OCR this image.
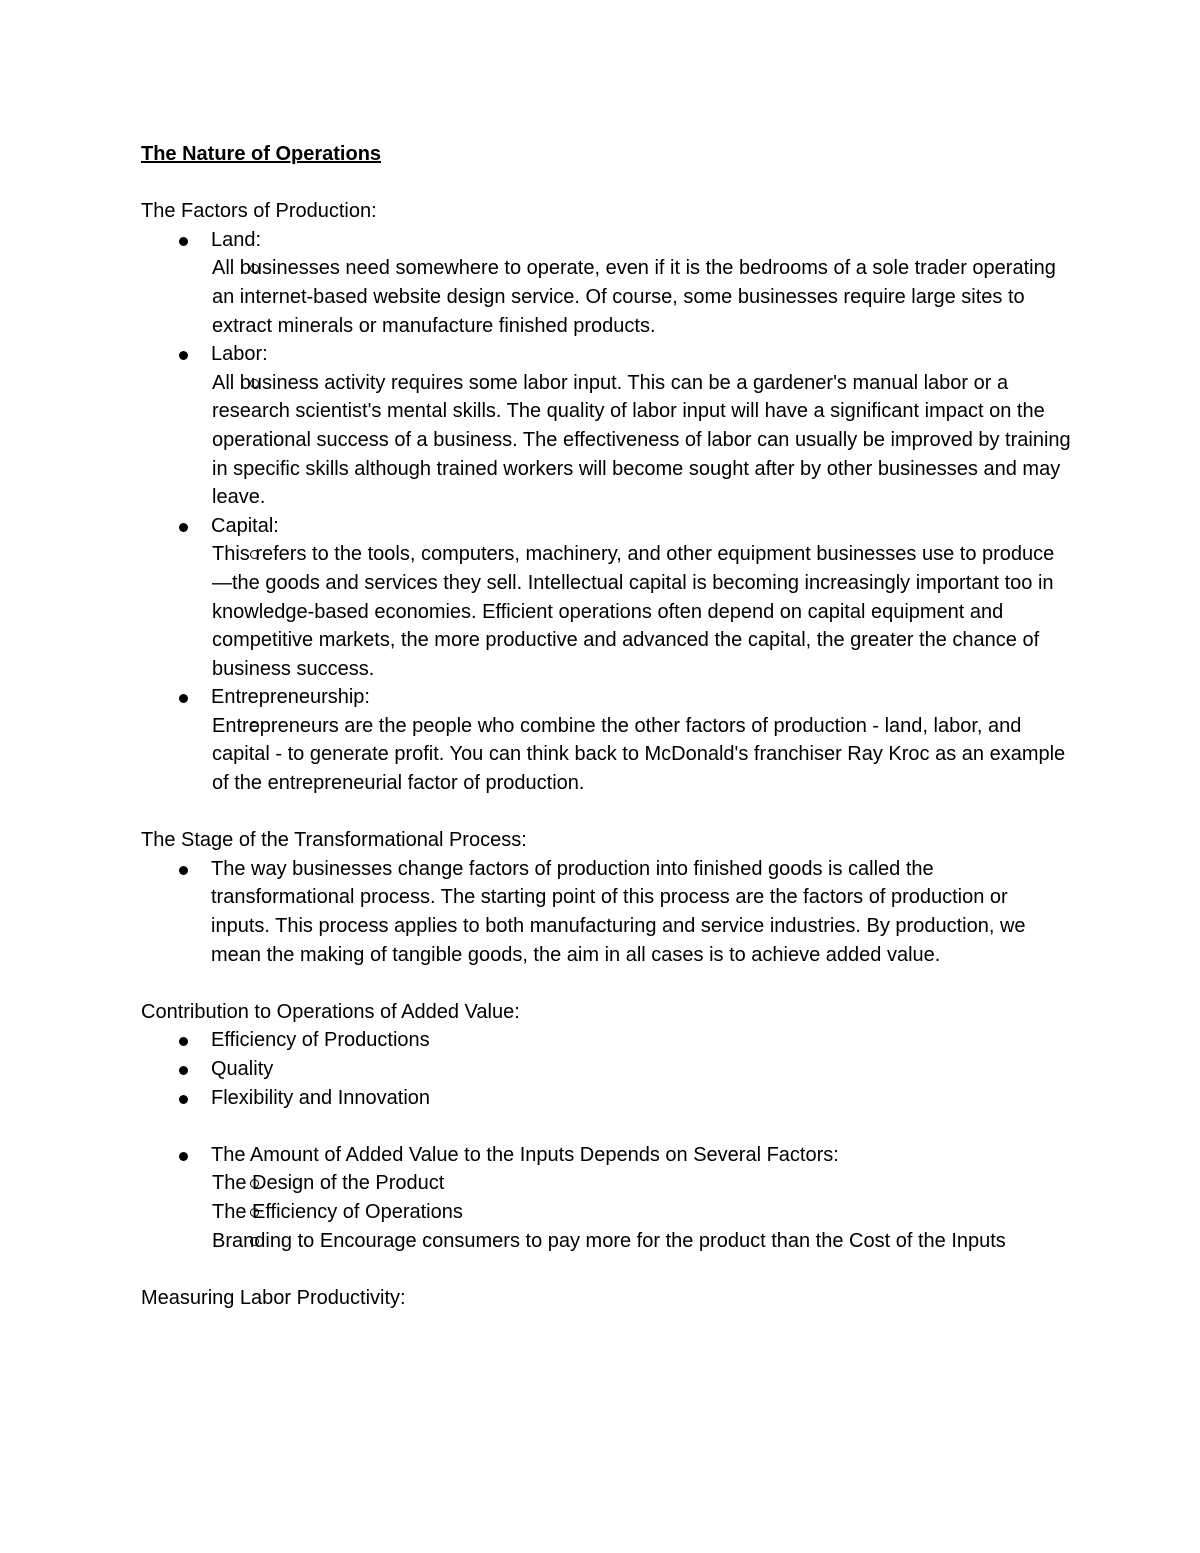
The Nature of Operations

The Factors of Production:

Land:
All businesses need somewhere to operate, even if it is the bedrooms of a sole trader operating an internet-based website design service. Of course, some businesses require large sites to extract minerals or manufacture finished products.
Labor:
All business activity requires some labor input. This can be a gardener's manual labor or a research scientist's mental skills. The quality of labor input will have a significant impact on the operational success of a business. The effectiveness of labor can usually be improved by training in specific skills although trained workers will become sought after by other businesses and may leave.
Capital:
This refers to the tools, computers, machinery, and other equipment businesses use to produce—the goods and services they sell. Intellectual capital is becoming increasingly important too in knowledge-based economies. Efficient operations often depend on capital equipment and competitive markets, the more productive and advanced the capital, the greater the chance of business success.
Entrepreneurship:
Entrepreneurs are the people who combine the other factors of production - land, labor, and capital - to generate profit. You can think back to McDonald's franchiser Ray Kroc as an example of the entrepreneurial factor of production.

The Stage of the Transformational Process:

The way businesses change factors of production into finished goods is called the transformational process. The starting point of this process are the factors of production or inputs. This process applies to both manufacturing and service industries. By production, we mean the making of tangible goods, the aim in all cases is to achieve added value.

Contribution to Operations of Added Value:

Efficiency of Productions
Quality
Flexibility and Innovation
The Amount of Added Value to the Inputs Depends on Several Factors:
The Design of the Product
The Efficiency of Operations
Branding to Encourage consumers to pay more for the product than the Cost of the Inputs

Measuring Labor Productivity:
